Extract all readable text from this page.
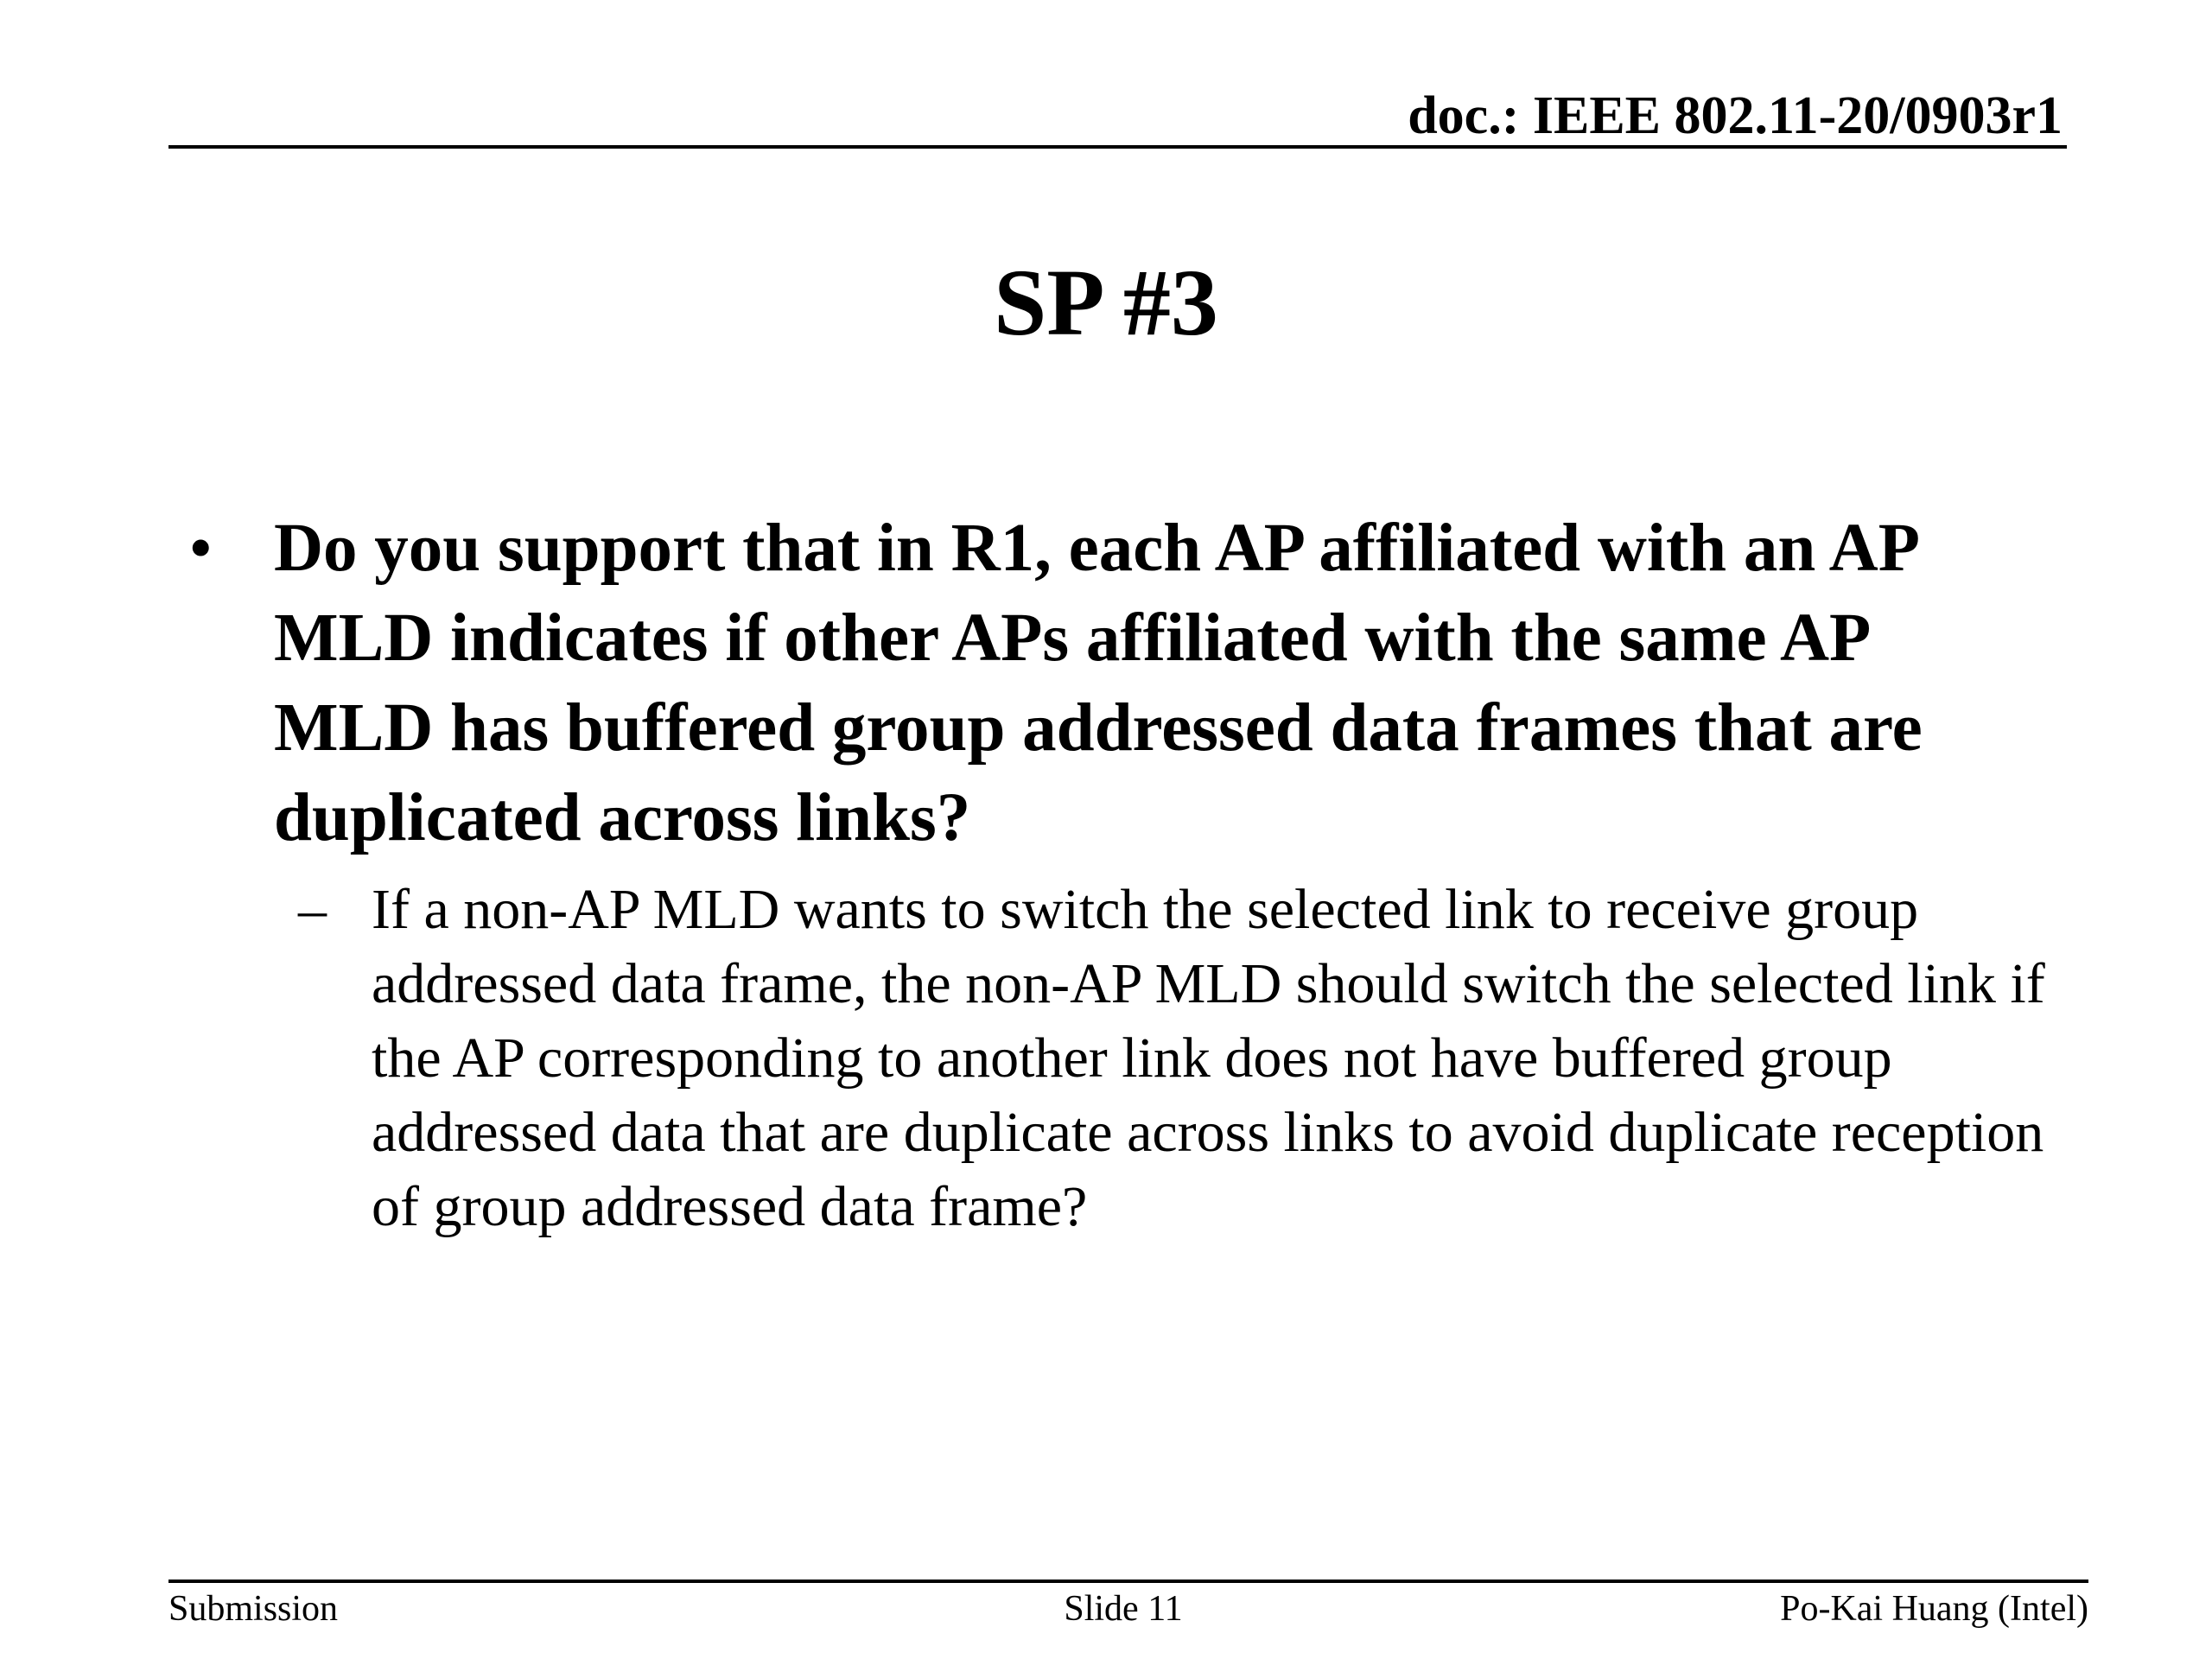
doc.: IEEE 802.11-20/0903r1
SP #3
• Do you support that in R1, each AP affiliated with an AP MLD indicates if other APs affiliated with the same AP MLD has buffered group addressed data frames that are duplicated across links?
– If a non-AP MLD wants to switch the selected link to receive group addressed data frame, the non-AP MLD should switch the selected link if the AP corresponding to another link does not have buffered group addressed data that are duplicate across links to avoid duplicate reception of group addressed data frame?
Submission	Slide 11	Po-Kai Huang (Intel)
